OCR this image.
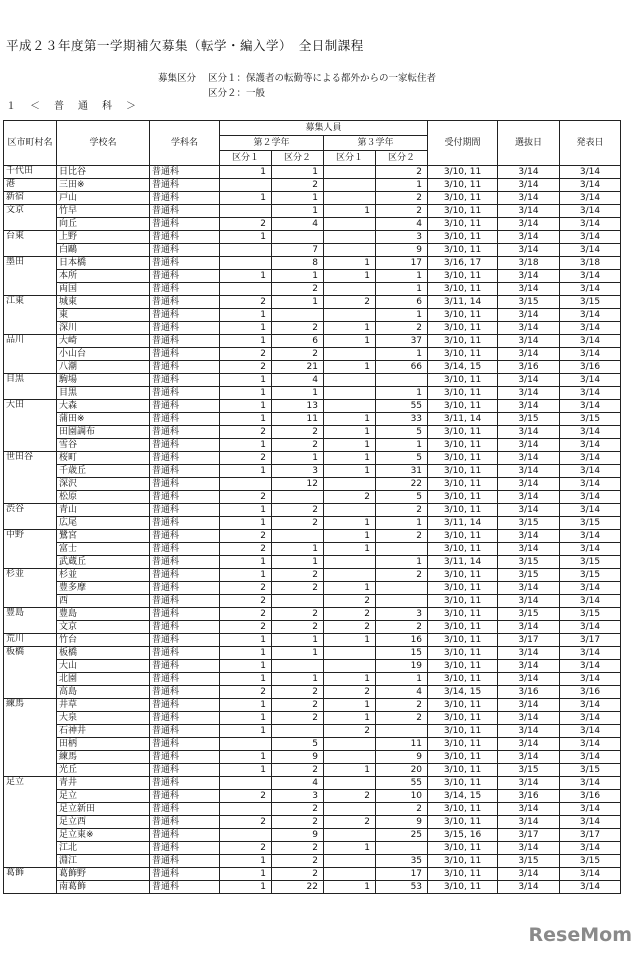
平成２３年度第一学期補欠募集（転学・編入学）　全日制課程
募集区分 区分１：保護者の転勤等による都外からの一家転住者
区分２：一般
１　＜　普　通　科　＞
区市町村名	学校名	学科名	募集人員				受付期間	選抜日	発表日
			第２学年		第３学年				
			区分１	区分２	区分１	区分２			
千代田	日比谷	普通科	1	1		2	3/10, 11	3/14	3/14
港	三田※	普通科		2		1	3/10, 11	3/14	3/14
新宿	戸山	普通科	1	1		2	3/10, 11	3/14	3/14
文京	竹早	普通科		1	1	2	3/10, 11	3/14	3/14
	向丘	普通科	2	4		4	3/10, 11	3/14	3/14
台東	上野	普通科	1			3	3/10, 11	3/14	3/14
	白鷗	普通科		7		9	3/10, 11	3/14	3/14
墨田	日本橋	普通科		8	1	17	3/16, 17	3/18	3/18
	本所	普通科	1	1	1	1	3/10, 11	3/14	3/14
	両国	普通科		2		1	3/10, 11	3/14	3/14
江東	城東	普通科	2	1	2	6	3/11, 14	3/15	3/15
	東	普通科	1			1	3/10, 11	3/14	3/14
	深川	普通科	1	2	1	2	3/10, 11	3/14	3/14
品川	大崎	普通科	1	6	1	37	3/10, 11	3/14	3/14
	小山台	普通科	2	2		1	3/10, 11	3/14	3/14
	八潮	普通科	2	21	1	66	3/14, 15	3/16	3/16
目黒	駒場	普通科	1	4			3/10, 11	3/14	3/14
	目黒	普通科	1	1		1	3/10, 11	3/14	3/14
大田	大森	普通科	1	13		55	3/10, 11	3/14	3/14
	蒲田※	普通科	1	11	1	33	3/11, 14	3/15	3/15
	田園調布	普通科	2	2	1	5	3/10, 11	3/14	3/14
	雪谷	普通科	1	2	1	1	3/10, 11	3/14	3/14
世田谷	桜町	普通科	2	1	1	5	3/10, 11	3/14	3/14
	千歳丘	普通科	1	3	1	31	3/10, 11	3/14	3/14
	深沢	普通科		12		22	3/10, 11	3/14	3/14
	松原	普通科	2		2	5	3/10, 11	3/14	3/14
渋谷	青山	普通科	1	2		2	3/10, 11	3/14	3/14
	広尾	普通科	1	2	1	1	3/11, 14	3/15	3/15
中野	鷺宮	普通科	2		1	2	3/10, 11	3/14	3/14
	富士	普通科	2	1	1		3/10, 11	3/14	3/14
	武蔵丘	普通科	1	1		1	3/11, 14	3/15	3/15
杉並	杉並	普通科	1	2		2	3/10, 11	3/15	3/15
	豊多摩	普通科	2	2	1		3/10, 11	3/14	3/14
	西	普通科	2		2		3/10, 11	3/14	3/14
豊島	豊島	普通科	2	2	2	3	3/10, 11	3/15	3/15
	文京	普通科	2	2	2	2	3/10, 11	3/14	3/14
荒川	竹台	普通科	1	1	1	16	3/10, 11	3/17	3/17
板橋	板橋	普通科	1	1		15	3/10, 11	3/14	3/14
	大山	普通科	1			19	3/10, 11	3/14	3/14
	北園	普通科	1	1	1	1	3/10, 11	3/14	3/14
	高島	普通科	2	2	2	4	3/14, 15	3/16	3/16
練馬	井草	普通科	1	2	1	2	3/10, 11	3/14	3/14
	大泉	普通科	1	2	1	2	3/10, 11	3/14	3/14
	石神井	普通科	1		2		3/10, 11	3/14	3/14
	田柄	普通科		5		11	3/10, 11	3/14	3/14
	練馬	普通科	1	9		9	3/10, 11	3/14	3/14
	光丘	普通科	1	2	1	20	3/10, 11	3/15	3/15
足立	青井	普通科		4		55	3/10, 11	3/14	3/14
	足立	普通科	2	3	2	10	3/14, 15	3/16	3/16
	足立新田	普通科		2		2	3/10, 11	3/14	3/14
	足立西	普通科	2	2	2	9	3/10, 11	3/14	3/14
	足立東※	普通科		9		25	3/15, 16	3/17	3/17
	江北	普通科	2	2	1		3/10, 11	3/14	3/14
	淵江	普通科	1	2		35	3/10, 11	3/15	3/15
葛飾	葛飾野	普通科	1	2		17	3/10, 11	3/14	3/14
	南葛飾	普通科	1	22	1	53	3/10, 11	3/14	3/14
ReseMom
